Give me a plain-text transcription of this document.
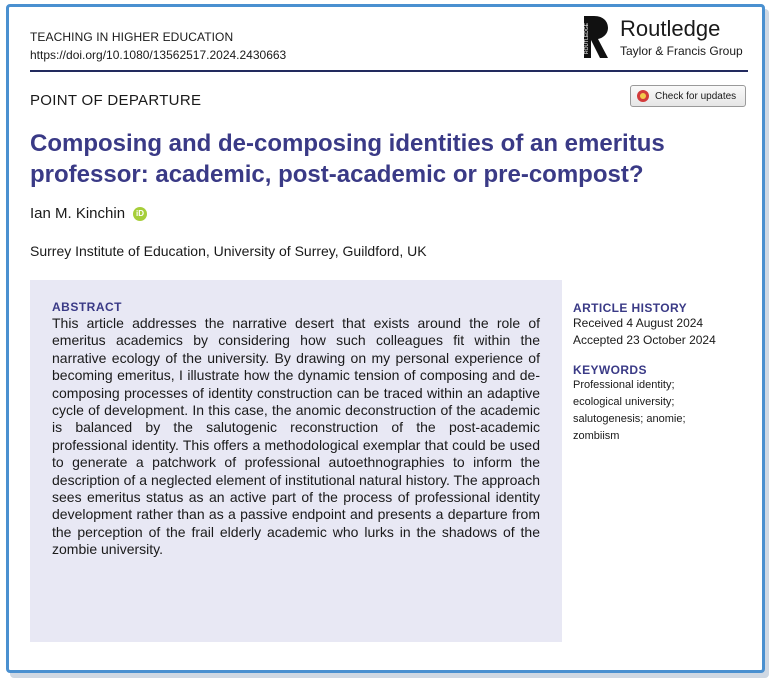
TEACHING IN HIGHER EDUCATION
https://doi.org/10.1080/13562517.2024.2430663
ROUTLEDGE Routledge
Taylor & Francis Group
POINT OF DEPARTURE	Check for updates
Composing and de-composing identities of an emeritus professor: academic, post-academic or pre-compost?
Ian M. Kinchin	iD
Surrey Institute of Education, University of Surrey, Guildford, UK
ABSTRACT
This article addresses the narrative desert that exists around the role of emeritus academics by considering how such colleagues fit within the narrative ecology of the university. By drawing on my personal experience of becoming emeritus, I illustrate how the dynamic tension of composing and de-composing processes of identity construction can be traced within an adaptive cycle of development. In this case, the anomic deconstruction of the academic is balanced by the salutogenic reconstruction of the post-academic professional identity. This offers a methodological exemplar that could be used to generate a patchwork of professional autoethnographies to inform the description of a neglected element of institutional natural history. The approach sees emeritus status as an active part of the process of professional identity development rather than as a passive endpoint and presents a departure from the perception of the frail elderly academic who lurks in the shadows of the zombie university.
ARTICLE HISTORY
Received 4 August 2024
Accepted 23 October 2024
KEYWORDS
Professional identity;
ecological university;
salutogenesis; anomie;
zombiism
